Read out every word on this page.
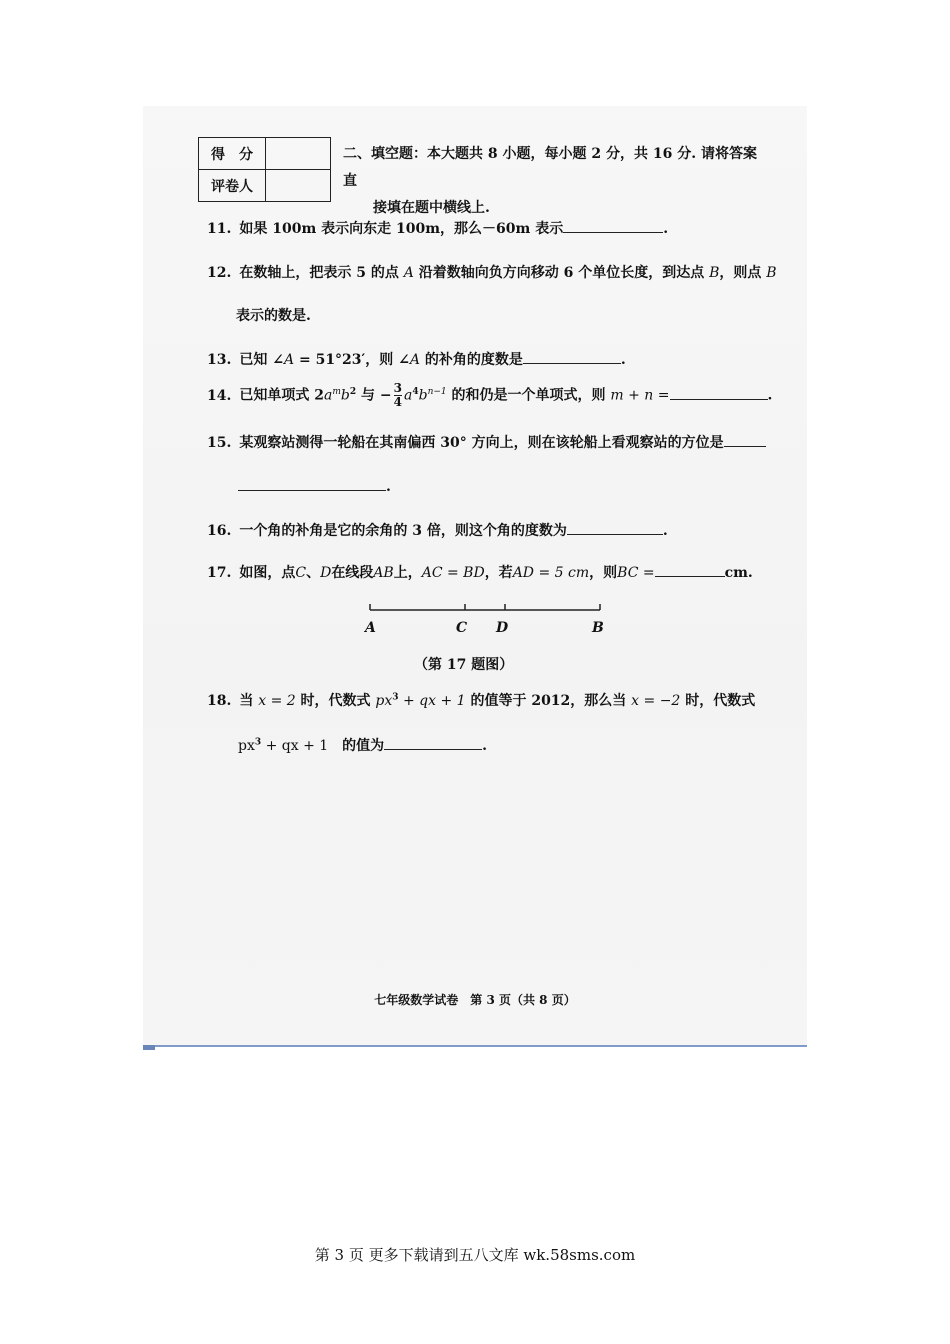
得　分	
评卷人	
二、填空题：本大题共 8 小题，每小题 2 分，共 16 分. 请将答案直
接填在题中横线上.
11. 如果 100m 表示向东走 100m，那么－60m 表示	.
12. 在数轴上，把表示 5 的点 A 沿着数轴向负方向移动 6 个单位长度，到达点 B，则点 B
表示的数是.
13. 已知 ∠A = 51°23′，则 ∠A 的补角的度数是	.
14. 已知单项式 $2a^mb^2$ 与 − $\frac{3}{4} a^4b^{n-1}$ 的和仍是一个单项式，则 m + n =	.
15. 某观察站测得一轮船在其南偏西 30° 方向上，则在该轮船上看观察站的方位是
.
16. 一个角的补角是它的余角的 3 倍，则这个角的度数为	.
17. 如图，点C、D在线段AB上，AC = BD，若AD = 5 cm，则BC =	cm.
A	C D	B
（第 17 题图）
18. 当 x = 2 时，代数式 $px^3$ + qx + 1 的值等于 2012，那么当 x = −2 时，代数式
$px^3$ + qx + 1　 的值为	.
七年级数学试卷　第 3 页（共 8 页）
第 3 页 更多下载请到五八文库 wk.58sms.com
